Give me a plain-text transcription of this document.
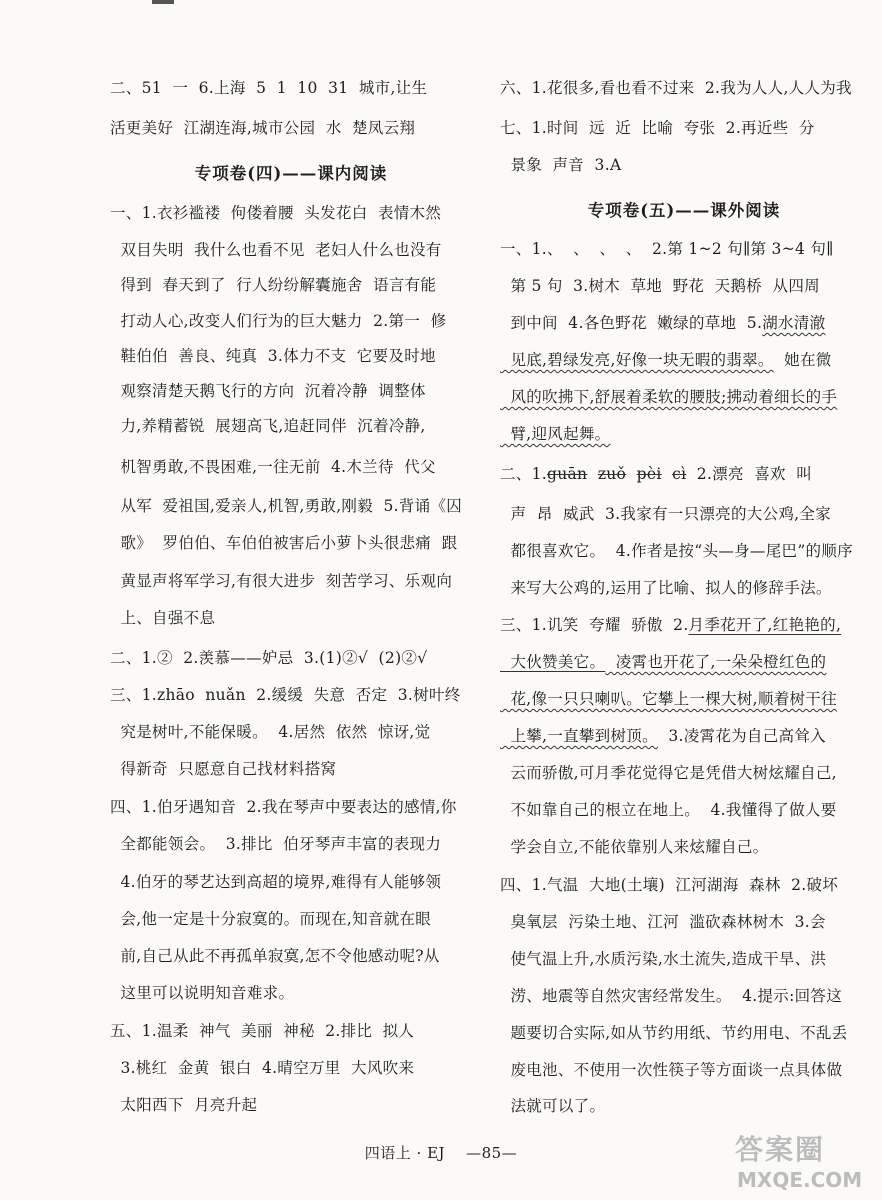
二、51  一  6.上海  5  1  10  31  城市,让生
活更美好  江湖连海,城市公园  水  楚凤云翔
专项卷(四)——课内阅读
一、1.衣衫褴褛  佝偻着腰  头发花白  表情木然
双目失明  我什么也看不见  老妇人什么也没有
得到  春天到了  行人纷纷解囊施舍  语言有能
打动人心,改变人们行为的巨大魅力  2.第一  修
鞋伯伯  善良、纯真  3.体力不支  它要及时地
观察清楚天鹅飞行的方向  沉着冷静  调整体
力,养精蓄锐  展翅高飞,追赶同伴  沉着冷静,
机智勇敢,不畏困难,一往无前  4.木兰待  代父
从军  爱祖国,爱亲人,机智,勇敢,刚毅  5.背诵《囚
歌》  罗伯伯、车伯伯被害后小萝卜头很悲痛  跟
黄显声将军学习,有很大进步  刻苦学习、乐观向
上、自强不息
二、1.②  2.羡慕——妒忌  3.(1)②√  (2)②√
三、1.zhāo  nuǎn  2.缓缓  失意  否定  3.树叶终
究是树叶,不能保暖。  4.居然  依然  惊讶,觉
得新奇  只愿意自己找材料搭窝
四、1.伯牙遇知音  2.我在琴声中要表达的感情,你
全都能领会。  3.排比  伯牙琴声丰富的表现力
4.伯牙的琴艺达到高超的境界,难得有人能够领
会,他一定是十分寂寞的。而现在,知音就在眼
前,自己从此不再孤单寂寞,怎不令他感动呢?从
这里可以说明知音难求。
五、1.温柔  神气  美丽  神秘  2.排比  拟人
3.桃红  金黄  银白  4.晴空万里  大风吹来
太阳西下  月亮升起
六、1.花很多,看也看不过来  2.我为人人,人人为我
七、1.时间  远  近  比喻  夸张  2.再近些  分
景象  声音  3.A
专项卷(五)——课外阅读
一、1.、  、  、  、  2.第 1~2 句∥第 3~4 句∥
第 5 句  3.树木  草地  野花  天鹅桥  从四周
到中间  4.各色野花  嫩绿的草地  5.湖水清澈
见底,碧绿发亮,好像一块无暇的翡翠。  她在微
风的吹拂下,舒展着柔软的腰肢;拂动着细长的手
臂,迎风起舞。
二、1.guān zuǒ pèi cì  2.漂亮  喜欢  叫
声  昂  威武  3.我家有一只漂亮的大公鸡,全家
都很喜欢它。  4.作者是按“头—身—尾巴”的顺序
来写大公鸡的,运用了比喻、拟人的修辞手法。
三、1.讥笑  夸耀  骄傲  2.月季花开了,红艳艳的,
大伙赞美它。  凌霄也开花了,一朵朵橙红色的
花,像一只只喇叭。它攀上一棵大树,顺着树干往
上攀,一直攀到树顶。  3.凌霄花为自己高耸入
云而骄傲,可月季花觉得它是凭借大树炫耀自己,
不如靠自己的根立在地上。  4.我懂得了做人要
学会自立,不能依靠别人来炫耀自己。
四、1.气温  大地(土壤)  江河湖海  森林  2.破坏
臭氧层  污染土地、江河  滥砍森林树木  3.会
使气温上升,水质污染,水土流失,造成干旱、洪
涝、地震等自然灾害经常发生。  4.提示:回答这
题要切合实际,如从节约用纸、节约用电、不乱丢
废电池、不使用一次性筷子等方面谈一点具体做
法就可以了。
四语上 · EJ —85—	答案圈
MXQE.COM
